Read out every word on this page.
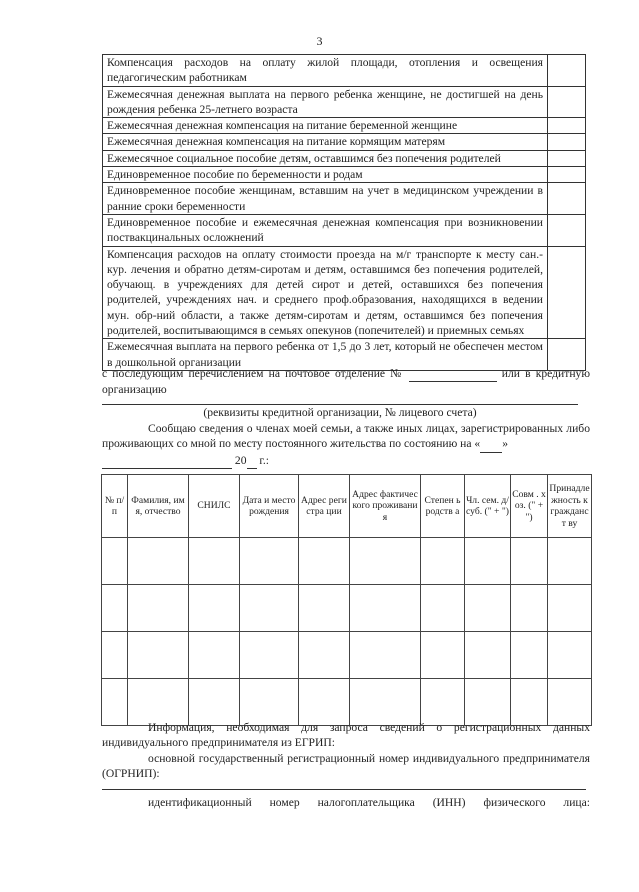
3
Компенсация расходов на оплату жилой площади, отопления и освещения педагогическим работникам	
Ежемесячная денежная выплата на первого ребенка женщине, не достигшей на день рождения ребенка 25-летнего возраста	
Ежемесячная денежная компенсация на питание беременной женщине	
Ежемесячная денежная компенсация на питание кормящим матерям	
Ежемесячное социальное пособие детям, оставшимся без попечения родителей	
Единовременное пособие по беременности и родам	
Единовременное пособие женщинам, вставшим на учет в медицинском учреждении в ранние сроки беременности	
Единовременное пособие и ежемесячная денежная компенсация при возникновении поствакцинальных осложнений	
Компенсация расходов на оплату стоимости проезда на м/г транспорте к месту сан.-кур. лечения и обратно детям-сиротам и детям, оставшимся без попечения родителей, обучающ. в учреждениях для детей сирот и детей, оставшихся без попечения родителей, учреждениях нач. и среднего проф.образования, находящихся в ведении мун. обр-ний области, а также детям-сиротам и детям, оставшимся без попечения родителей, воспитывающимся в семьях опекунов (попечителей) и приемных семьях	
Ежемесячная выплата на первого ребенка от 1,5 до 3 лет, который не обеспечен местом в дошкольной организации	
с последующим перечислением на почтовое отделение №	или в кредитную организацию
(реквизиты кредитной организации, № лицевого счета)
Сообщаю сведения о членах моей семьи, а также иных лицах, зарегистрированных либо проживающих со мной по месту постоянного жительства по состоянию на « »
20 г.:
№ п/ п	Фамилия, имя, отчество	СНИЛС	Дата и место рождения	Адрес регистра ции	Адрес фактического проживания	Степен ь родств а	Чл. сем. д/суб. (" + ")	Совм . хоз. (" + ")	Принадле жность к гражданст ву

Информация, необходимая для запроса сведений о регистрационных данных индивидуального предпринимателя из ЕГРИП:
основной государственный регистрационный номер индивидуального предпринимателя (ОГРНИП):
идентификационный номер налогоплательщика (ИНН) физического лица:
